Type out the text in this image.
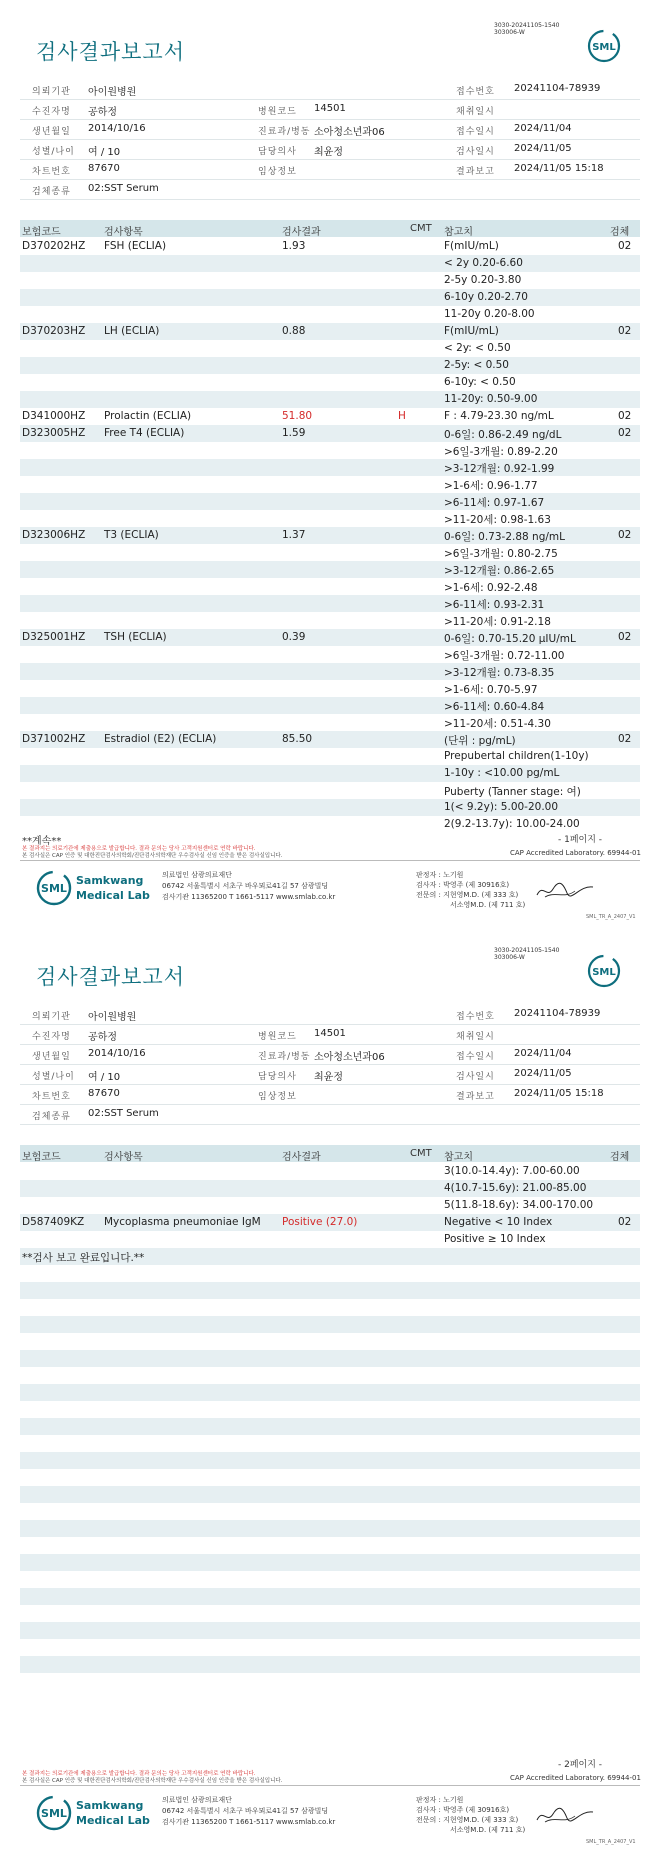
3030-20241105-1540
303006-W
검사결과보고서	SML
의뢰기관 아이원병원	접수번호 20241104-78939
수진자명 공하정	병원코드 14501	채취일시
생년월일 2014/10/16	진료과/병동 소아청소년과06	접수일시 2024/11/04
성별/나이 여 / 10	담당의사 최윤정	검사일시 2024/11/05
차트번호 87670	임상정보	결과보고 2024/11/05 15:18
검체종류 02:SST Serum
보험코드	검사항목	검사결과	CMT 참고치	검체
D370202HZ FSH (ECLIA)	1.93	F(mIU/mL)	02
< 2y 0.20-6.60
2-5y 0.20-3.80
6-10y 0.20-2.70
11-20y 0.20-8.00
D370203HZ LH (ECLIA)	0.88	F(mIU/mL)	02
< 2y: < 0.50
2-5y: < 0.50
6-10y: < 0.50
11-20y: 0.50-9.00
D341000HZ Prolactin (ECLIA)	51.80	H	F : 4.79-23.30 ng/mL	02
D323005HZ Free T4 (ECLIA)	1.59	0-6일: 0.86-2.49 ng/dL	02
>6일-3개월: 0.89-2.20
>3-12개월: 0.92-1.99
>1-6세: 0.96-1.77
>6-11세: 0.97-1.67
>11-20세: 0.98-1.63
D323006HZ T3 (ECLIA)	1.37	0-6일: 0.73-2.88 ng/mL	02
>6일-3개월: 0.80-2.75
>3-12개월: 0.86-2.65
>1-6세: 0.92-2.48
>6-11세: 0.93-2.31
>11-20세: 0.91-2.18
D325001HZ TSH (ECLIA)	0.39	0-6일: 0.70-15.20 μIU/mL	02
>6일-3개월: 0.72-11.00
>3-12개월: 0.73-8.35
>1-6세: 0.70-5.97
>6-11세: 0.60-4.84
>11-20세: 0.51-4.30
D371002HZ Estradiol (E2) (ECLIA)	85.50	(단위 : pg/mL)	02
Prepubertal children(1-10y)
1-10y : <10.00 pg/mL
Puberty (Tanner stage: 여)
1(< 9.2y): 5.00-20.00
2(9.2-13.7y): 10.00-24.00
**계속**	- 1페이지 -
본 결과지는 의료기관에 제출용으로 발급합니다. 결과 문의는 당사 고객지원센터로 연락 바랍니다.
본 검사실은 CAP 인증 및 대한진단검사의학회/진단검사의학재단 우수검사실 신임 인증을 받은 검사실입니다.	CAP Accredited Laboratory. 69944-01
SML
Samkwang
Medical Lab
의료법인 삼광의료재단
06742 서울특별시 서초구 바우뫼로41길 57 삼광빌딩
검사기관 11365200 T 1661-5117 www.smlab.co.kr
판정자 : 노기원
검사자 : 박영주 (제 30916호)
전문의 : 지현영M.D. (제 333 호)
서소영M.D. (제 711 호)
SML_TR_A_2407_V1
3030-20241105-1540
303006-W
검사결과보고서	SML
의뢰기관 아이원병원	접수번호 20241104-78939
수진자명 공하정	병원코드 14501	채취일시
생년월일 2014/10/16	진료과/병동 소아청소년과06	접수일시 2024/11/04
성별/나이 여 / 10	담당의사 최윤정	검사일시 2024/11/05
차트번호 87670	임상정보	결과보고 2024/11/05 15:18
검체종류 02:SST Serum
보험코드	검사항목	검사결과	CMT 참고치	검체
3(10.0-14.4y): 7.00-60.00
4(10.7-15.6y): 21.00-85.00
5(11.8-18.6y): 34.00-170.00
D587409KZ Mycoplasma pneumoniae IgM Positive (27.0)	Negative < 10 Index	02
Positive ≥ 10 Index
**검사 보고 완료입니다.**
- 2페이지 -
본 결과지는 의료기관에 제출용으로 발급합니다. 결과 문의는 당사 고객지원센터로 연락 바랍니다.
본 검사실은 CAP 인증 및 대한진단검사의학회/진단검사의학재단 우수검사실 신임 인증을 받은 검사실입니다.	CAP Accredited Laboratory. 69944-01
SML
Samkwang
Medical Lab
의료법인 삼광의료재단
06742 서울특별시 서초구 바우뫼로41길 57 삼광빌딩
검사기관 11365200 T 1661-5117 www.smlab.co.kr
판정자 : 노기원
검사자 : 박영주 (제 30916호)
전문의 : 지현영M.D. (제 333 호)
서소영M.D. (제 711 호)
SML_TR_A_2407_V1
